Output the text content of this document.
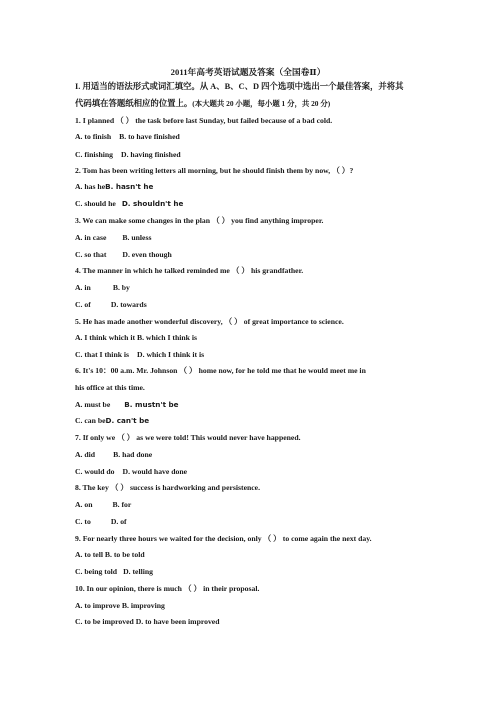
2011年高考英语试题及答案（全国卷Ⅱ）
I. 用适当的语法形式或词汇填空。从 A、B、C、D 四个选项中选出一个最佳答案，并将其
代码填在答题纸相应的位置上。(本大题共 20 小题，每小题 1 分，共 20 分)
1. I planned （ ） the task before last Sunday, but failed because of a bad cold.
A. to finish B. to have finished
C. finishing D. having finished
2. Tom has been writing letters all morning, but he should finish them by now, （ ）?
A. has heB. hasn't he
C. should he D. shouldn't he
3. We can make some changes in the plan （ ） you find anything improper.
A. in case B. unless
C. so that D. even though
4. The manner in which he talked reminded me （ ） his grandfather.
A. in	B. by
C. of	D. towards
5. He has made another wonderful discovery, （ ） of great importance to science.
A. I think which it B. which I think is
C. that I think is D. which I think it is
6. It's 10：00 a.m. Mr. Johnson （ ） home now, for he told me that he would meet me in
his office at this time.
A. must be B. mustn't be
C. can beD. can't be
7. If only we （ ） as we were told! This would never have happened.
A. did B. had done
C. would do D. would have done
8. The key （ ） success is hardworking and persistence.
A. on	B. for
C. to	D. of
9. For nearly three hours we waited for the decision, only （ ） to come again the next day.
A. to tell B. to be told
C. being told D. telling
10. In our opinion, there is much （ ） in their proposal.
A. to improve B. improving
C. to be improved D. to have been improved
